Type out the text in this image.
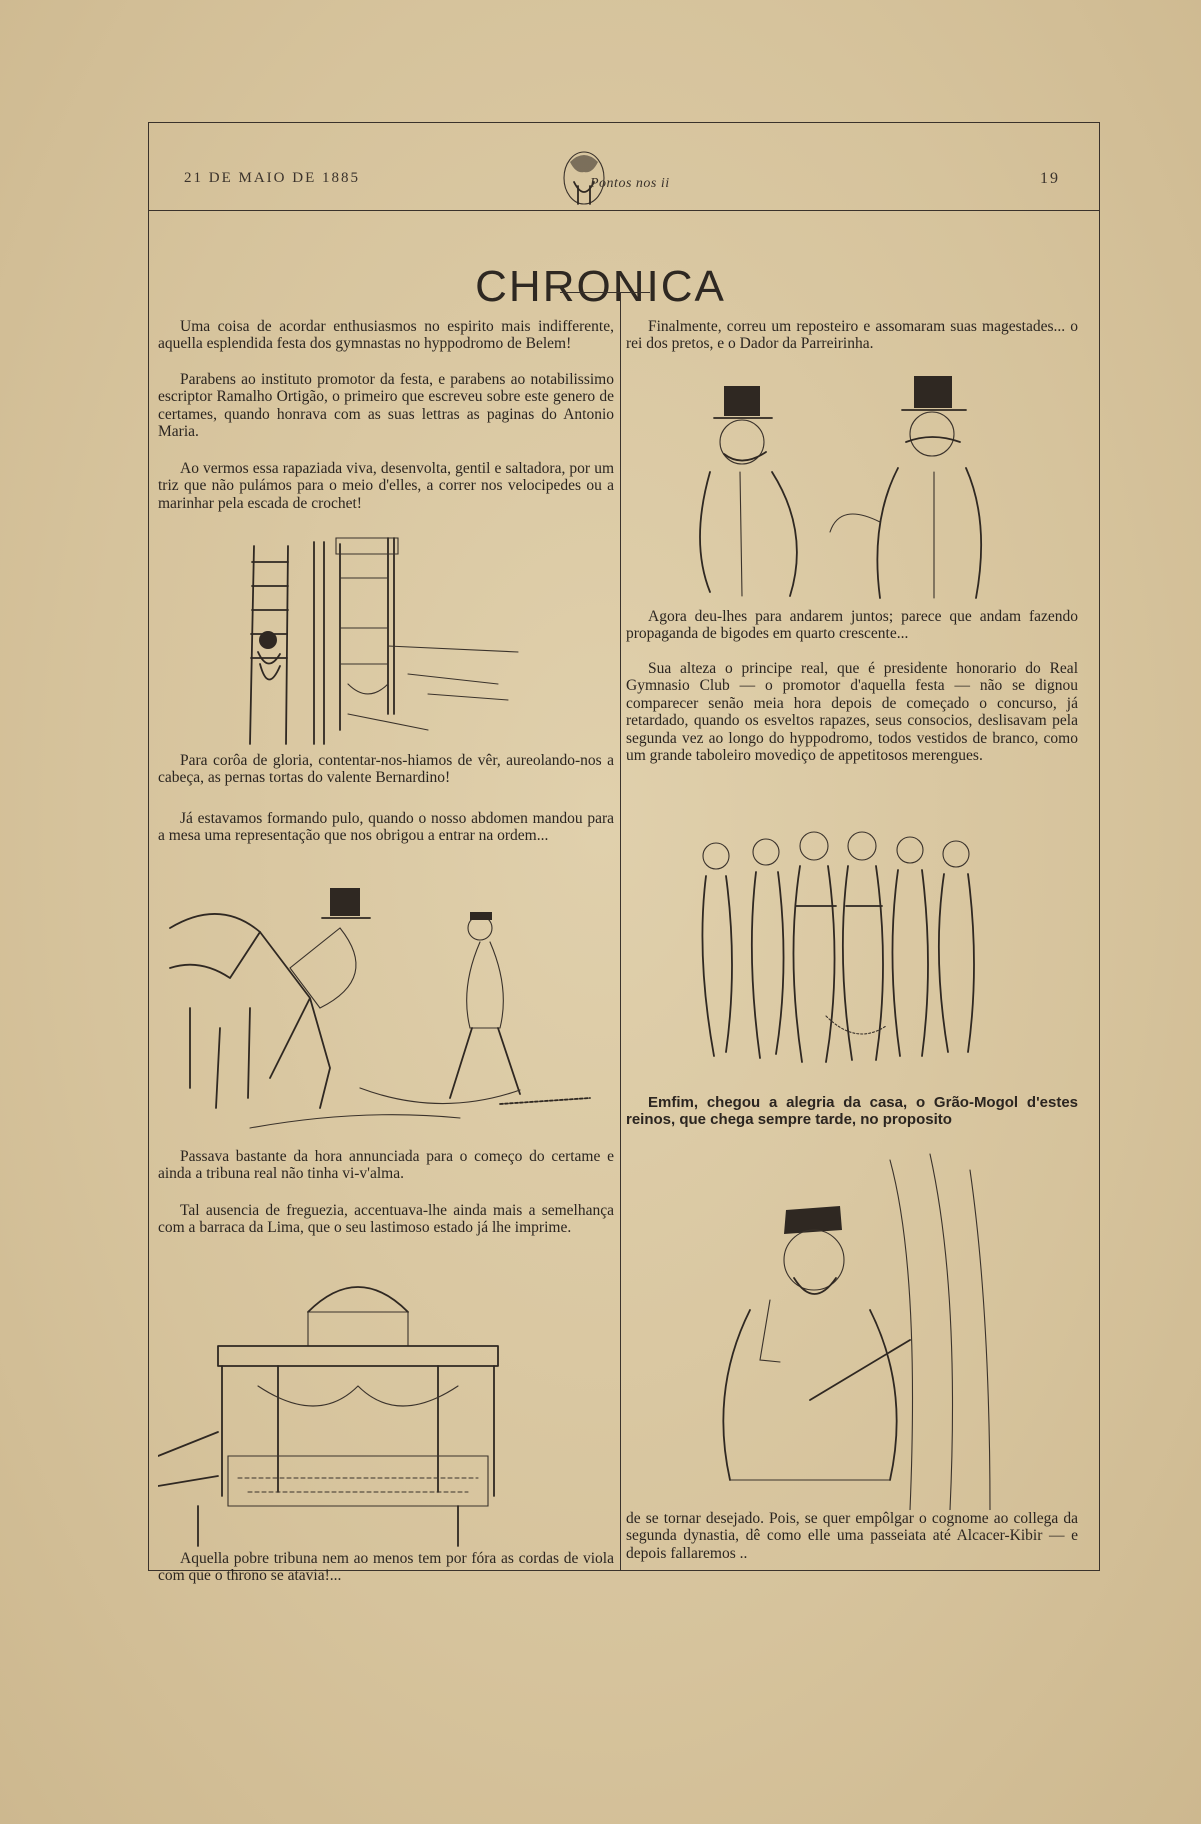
21 DE MAIO DE 1885	19
Pontos nos ii
CHRONICA

Uma coisa de acordar enthusiasmos no espirito mais indifferente, aquella esplendida festa dos gymnastas no hyppodromo de Belem!

Parabens ao instituto promotor da festa, e parabens ao notabilissimo escriptor Ramalho Ortigão, o primeiro que escreveu sobre este genero de certames, quando honrava com as suas lettras as paginas do Antonio Maria.

Ao vermos essa rapaziada viva, desenvolta, gentil e saltadora, por um triz que não pulámos para o meio d'elles, a correr nos velocipedes ou a marinhar pela escada de crochet!

Para corôa de gloria, contentar-nos-hiamos de vêr, aureolando-nos a cabeça, as pernas tortas do valente Bernardino!

Já estavamos formando pulo, quando o nosso abdomen mandou para a mesa uma representação que nos obrigou a entrar na ordem...

Passava bastante da hora annunciada para o começo do certame e ainda a tribuna real não tinha vi-v'alma.

Tal ausencia de freguezia, accentuava-lhe ainda mais a semelhança com a barraca da Lima, que o seu lastimoso estado já lhe imprime.

Aquella pobre tribuna nem ao menos tem por fóra as cordas de viola com que o throno se atavia!...

Finalmente, correu um reposteiro e assomaram suas magestades... o rei dos pretos, e o Dador da Parreirinha.

Agora deu-lhes para andarem juntos; parece que andam fazendo propaganda de bigodes em quarto crescente...

Sua alteza o principe real, que é presidente honorario do Real Gymnasio Club — o promotor d'aquella festa — não se dignou comparecer senão meia hora depois de começado o concurso, já retardado, quando os esveltos rapazes, seus consocios, deslisavam pela segunda vez ao longo do hyppodromo, todos vestidos de branco, como um grande taboleiro movediço de appetitosos merengues.

Emfim, chegou a alegria da casa, o Grão-Mogol d'estes reinos, que chega sempre tarde, no proposito

de se tornar desejado. Pois, se quer empôlgar o cognome ao collega da segunda dynastia, dê como elle uma passeiata até Alcacer-Kibir — e depois fallaremos ..
